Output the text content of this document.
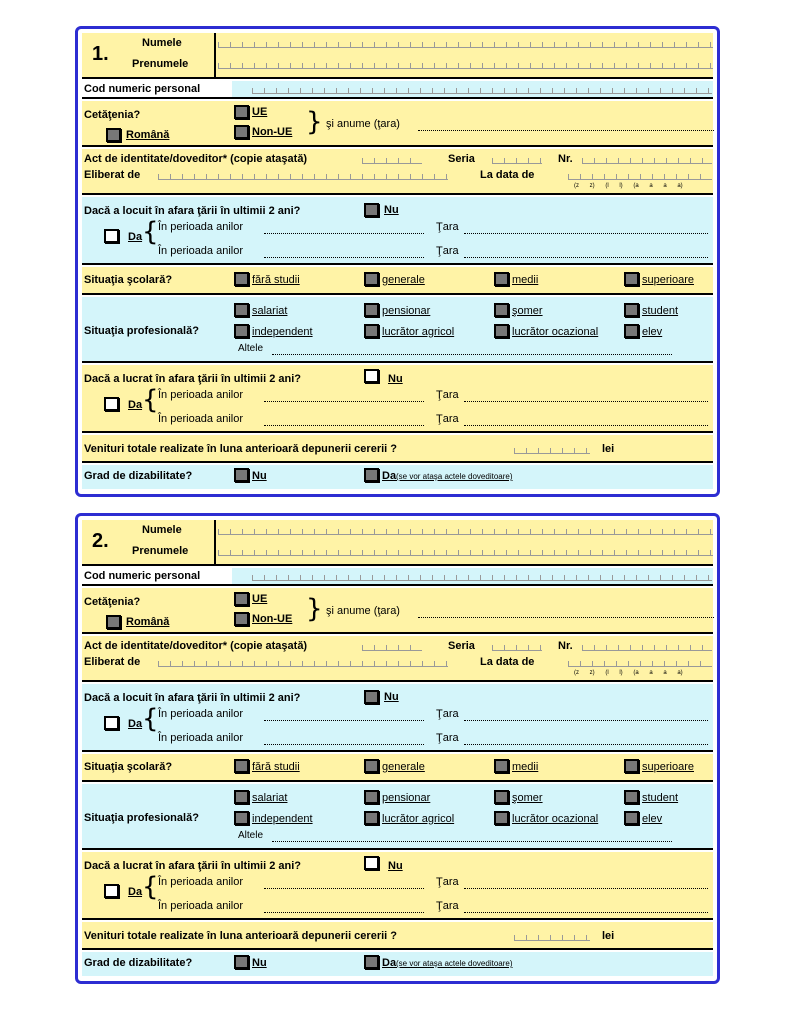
1.	Numele
Prenumele
Cod numeric personal
Cetăţenia?	UE
Non-UE
Română	} şi anume (ţara)
Act de identitate/doveditor* (copie ataşată)	Seria	Nr.
Eliberat de	La data de
(z z) (l l) (a a a a)
Dacă a locuit în afara ţării în ultimii 2 ani?	Nu
Da { În perioada anilor	Ţara
În perioada anilor	Ţara
Situaţia şcolară?	fără studii	generale	medii	superioare
Situaţia profesională?
salariat	pensionar	şomer	student
independent	lucrător agricol	lucrător ocazional	elev
Altele
Dacă a lucrat în afara ţării în ultimii 2 ani?	Nu
Da { În perioada anilor	Ţara
În perioada anilor	Ţara
Venituri totale realizate în luna anterioară depunerii cererii ?	lei
Grad de dizabilitate?	Nu	Da (se vor ataşa actele doveditoare)
2.	Numele
Prenumele
Cod numeric personal
Cetăţenia?	UE
Non-UE
Română	} şi anume (ţara)
Act de identitate/doveditor* (copie ataşată)	Seria	Nr.
Eliberat de	La data de
(z z) (l l) (a a a a)
Dacă a locuit în afara ţării în ultimii 2 ani?	Nu
Da { În perioada anilor	Ţara
În perioada anilor	Ţara
Situaţia şcolară?	fără studii	generale	medii	superioare
Situaţia profesională?
salariat	pensionar	şomer	student
independent	lucrător agricol	lucrător ocazional	elev
Altele
Dacă a lucrat în afara ţării în ultimii 2 ani?	Nu
Da { În perioada anilor	Ţara
În perioada anilor	Ţara
Venituri totale realizate în luna anterioară depunerii cererii ?	lei
Grad de dizabilitate?	Nu	Da (se vor ataşa actele doveditoare)
